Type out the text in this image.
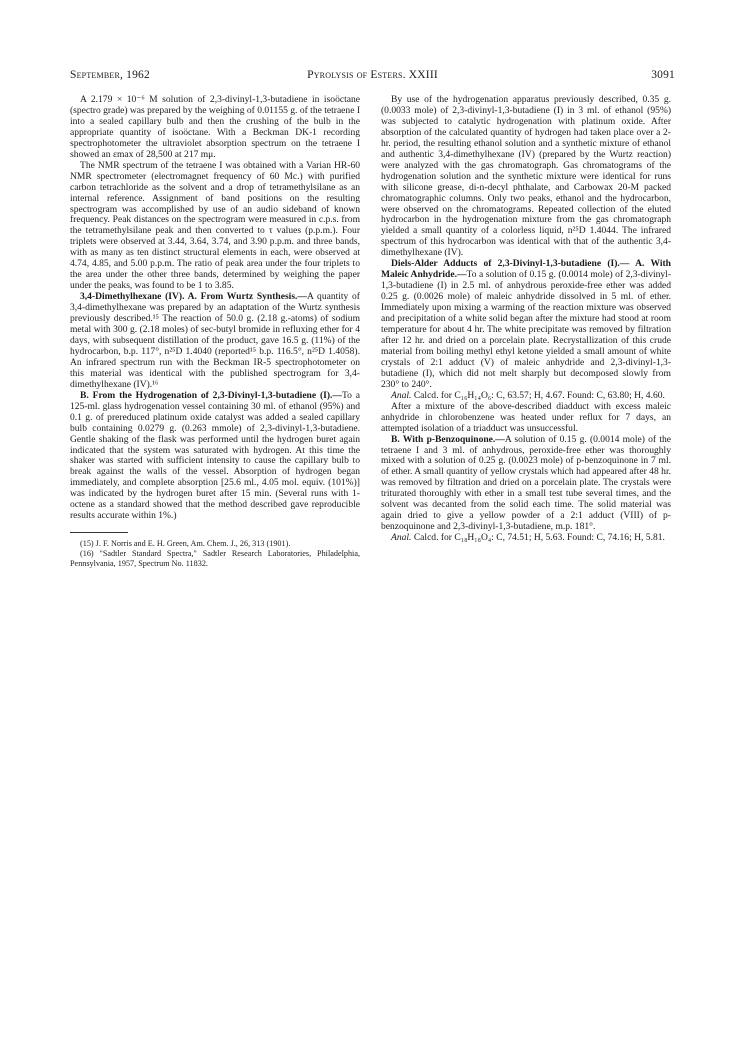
September, 1962	Pyrolysis of Esters. XXIII	3091

A 2.179 × 10⁻⁶ M solution of 2,3-divinyl-1,3-butadiene in isoöctane (spectro grade) was prepared by the weighing of 0.01155 g. of the tetraene I into a sealed capillary bulb and then the crushing of the bulb in the appropriate quantity of isoöctane. With a Beckman DK-1 recording spectrophotometer the ultraviolet absorption spectrum on the tetraene I showed an εmax of 28,500 at 217 mμ.

The NMR spectrum of the tetraene I was obtained with a Varian HR-60 NMR spectrometer (electromagnet frequency of 60 Mc.) with purified carbon tetrachloride as the solvent and a drop of tetramethylsilane as an internal reference. Assignment of band positions on the resulting spectrogram was accomplished by use of an audio sideband of known frequency. Peak distances on the spectrogram were measured in c.p.s. from the tetramethylsilane peak and then converted to τ values (p.p.m.). Four triplets were observed at 3.44, 3.64, 3.74, and 3.90 p.p.m. and three bands, with as many as ten distinct structural elements in each, were observed at 4.74, 4.85, and 5.00 p.p.m. The ratio of peak area under the four triplets to the area under the other three bands, determined by weighing the paper under the peaks, was found to be 1 to 3.85.

3,4-Dimethylhexane (IV). A. From Wurtz Synthesis.—A quantity of 3,4-dimethylhexane was prepared by an adaptation of the Wurtz synthesis previously described.¹⁵ The reaction of 50.0 g. (2.18 g.-atoms) of sodium metal with 300 g. (2.18 moles) of sec-butyl bromide in refluxing ether for 4 days, with subsequent distillation of the product, gave 16.5 g. (11%) of the hydrocarbon, b.p. 117°, n²⁵D 1.4040 (reported¹⁵ b.p. 116.5°, n²⁵D 1.4058). An infrared spectrum run with the Beckman IR-5 spectrophotometer on this material was identical with the published spectrogram for 3,4-dimethylhexane (IV).¹⁶

B. From the Hydrogenation of 2,3-Divinyl-1,3-butadiene (I).—To a 125-ml. glass hydrogenation vessel containing 30 ml. of ethanol (95%) and 0.1 g. of prereduced platinum oxide catalyst was added a sealed capillary bulb containing 0.0279 g. (0.263 mmole) of 2,3-divinyl-1,3-butadiene. Gentle shaking of the flask was performed until the hydrogen buret again indicated that the system was saturated with hydrogen. At this time the shaker was started with sufficient intensity to cause the capillary bulb to break against the walls of the vessel. Absorption of hydrogen began immediately, and complete absorption [25.6 ml., 4.05 mol. equiv. (101%)] was indicated by the hydrogen buret after 15 min. (Several runs with 1-octene as a standard showed that the method described gave reproducible results accurate within 1%.)

(15) J. F. Norris and E. H. Green, Am. Chem. J., 26, 313 (1901).

(16) "Sadtler Standard Spectra," Sadtler Research Laboratories, Philadelphia, Pennsylvania, 1957, Spectrum No. 11832.

By use of the hydrogenation apparatus previously described, 0.35 g. (0.0033 mole) of 2,3-divinyl-1,3-butadiene (I) in 3 ml. of ethanol (95%) was subjected to catalytic hydrogenation with platinum oxide. After absorption of the calculated quantity of hydrogen had taken place over a 2-hr. period, the resulting ethanol solution and a synthetic mixture of ethanol and authentic 3,4-dimethylhexane (IV) (prepared by the Wurtz reaction) were analyzed with the gas chromatograph. Gas chromatograms of the hydrogenation solution and the synthetic mixture were identical for runs with silicone grease, di-n-decyl phthalate, and Carbowax 20-M packed chromatographic columns. Only two peaks, ethanol and the hydrocarbon, were observed on the chromatograms. Repeated collection of the eluted hydrocarbon in the hydrogenation mixture from the gas chromatograph yielded a small quantity of a colorless liquid, n²⁵D 1.4044. The infrared spectrum of this hydrocarbon was identical with that of the authentic 3,4-dimethylhexane (IV).

Diels-Alder Adducts of 2,3-Divinyl-1,3-butadiene (I).— A. With Maleic Anhydride.—To a solution of 0.15 g. (0.0014 mole) of 2,3-divinyl-1,3-butadiene (I) in 2.5 ml. of anhydrous peroxide-free ether was added 0.25 g. (0.0026 mole) of maleic anhydride dissolved in 5 ml. of ether. Immediately upon mixing a warming of the reaction mixture was observed and precipitation of a white solid began after the mixture had stood at room temperature for about 4 hr. The white precipitate was removed by filtration after 12 hr. and dried on a porcelain plate. Recrystallization of this crude material from boiling methyl ethyl ketone yielded a small amount of white crystals of 2:1 adduct (V) of maleic anhydride and 2,3-divinyl-1,3-butadiene (I), which did not melt sharply but decomposed slowly from 230° to 240°.

Anal. Calcd. for C₁₆H₁₄O₆: C, 63.57; H, 4.67. Found: C, 63.80; H, 4.60.

After a mixture of the above-described diadduct with excess maleic anhydride in chlorobenzene was heated under reflux for 7 days, an attempted isolation of a triadduct was unsuccessful.

B. With p-Benzoquinone.—A solution of 0.15 g. (0.0014 mole) of the tetraene I and 3 ml. of anhydrous, peroxide-free ether was thoroughly mixed with a solution of 0.25 g. (0.0023 mole) of p-benzoquinone in 7 ml. of ether. A small quantity of yellow crystals which had appeared after 48 hr. was removed by filtration and dried on a porcelain plate. The crystals were triturated thoroughly with ether in a small test tube several times, and the solvent was decanted from the solid each time. The solid material was again dried to give a yellow powder of a 2:1 adduct (VIII) of p-benzoquinone and 2,3-divinyl-1,3-butadiene, m.p. 181°.

Anal. Calcd. for C₁₈H₁₈O₄: C, 74.51; H, 5.63. Found: C, 74.16; H, 5.81.
